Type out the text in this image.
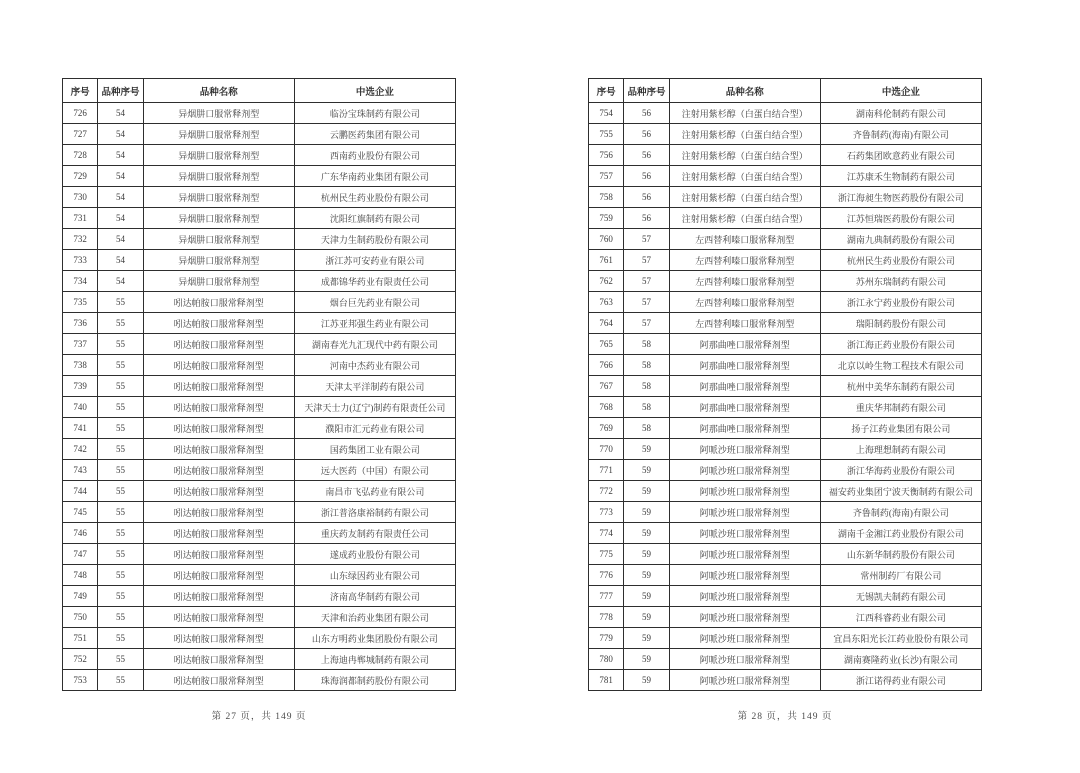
序号	品种序号	品种名称	中选企业
726	54	异烟肼口服常释剂型	临汾宝珠制药有限公司
727	54	异烟肼口服常释剂型	云鹏医药集团有限公司
728	54	异烟肼口服常释剂型	西南药业股份有限公司
729	54	异烟肼口服常释剂型	广东华南药业集团有限公司
730	54	异烟肼口服常释剂型	杭州民生药业股份有限公司
731	54	异烟肼口服常释剂型	沈阳红旗制药有限公司
732	54	异烟肼口服常释剂型	天津力生制药股份有限公司
733	54	异烟肼口服常释剂型	浙江苏可安药业有限公司
734	54	异烟肼口服常释剂型	成都锦华药业有限责任公司
735	55	吲达帕胺口服常释剂型	烟台巨先药业有限公司
736	55	吲达帕胺口服常释剂型	江苏亚邦强生药业有限公司
737	55	吲达帕胺口服常释剂型	湖南春光九汇现代中药有限公司
738	55	吲达帕胺口服常释剂型	河南中杰药业有限公司
739	55	吲达帕胺口服常释剂型	天津太平洋制药有限公司
740	55	吲达帕胺口服常释剂型	天津天士力(辽宁)制药有限责任公司
741	55	吲达帕胺口服常释剂型	濮阳市汇元药业有限公司
742	55	吲达帕胺口服常释剂型	国药集团工业有限公司
743	55	吲达帕胺口服常释剂型	远大医药（中国）有限公司
744	55	吲达帕胺口服常释剂型	南昌市飞弘药业有限公司
745	55	吲达帕胺口服常释剂型	浙江普洛康裕制药有限公司
746	55	吲达帕胺口服常释剂型	重庆药友制药有限责任公司
747	55	吲达帕胺口服常释剂型	遂成药业股份有限公司
748	55	吲达帕胺口服常释剂型	山东绿因药业有限公司
749	55	吲达帕胺口服常释剂型	济南高华制药有限公司
750	55	吲达帕胺口服常释剂型	天津和治药业集团有限公司
751	55	吲达帕胺口服常释剂型	山东方明药业集团股份有限公司
752	55	吲达帕胺口服常释剂型	上海迪冉郸城制药有限公司
753	55	吲达帕胺口服常释剂型	珠海润都制药股份有限公司
序号	品种序号	品种名称	中选企业
754	56	注射用紫杉醇（白蛋白结合型）	湖南科伦制药有限公司
755	56	注射用紫杉醇（白蛋白结合型）	齐鲁制药(海南)有限公司
756	56	注射用紫杉醇（白蛋白结合型）	石药集团欧意药业有限公司
757	56	注射用紫杉醇（白蛋白结合型）	江苏康禾生物制药有限公司
758	56	注射用紫杉醇（白蛋白结合型）	浙江海昶生物医药股份有限公司
759	56	注射用紫杉醇（白蛋白结合型）	江苏恒瑞医药股份有限公司
760	57	左西替利嗪口服常释剂型	湖南九典制药股份有限公司
761	57	左西替利嗪口服常释剂型	杭州民生药业股份有限公司
762	57	左西替利嗪口服常释剂型	苏州东瑞制药有限公司
763	57	左西替利嗪口服常释剂型	浙江永宁药业股份有限公司
764	57	左西替利嗪口服常释剂型	瑞阳制药股份有限公司
765	58	阿那曲唑口服常释剂型	浙江海正药业股份有限公司
766	58	阿那曲唑口服常释剂型	北京以岭生物工程技术有限公司
767	58	阿那曲唑口服常释剂型	杭州中美华东制药有限公司
768	58	阿那曲唑口服常释剂型	重庆华邦制药有限公司
769	58	阿那曲唑口服常释剂型	扬子江药业集团有限公司
770	59	阿哌沙班口服常释剂型	上海理想制药有限公司
771	59	阿哌沙班口服常释剂型	浙江华海药业股份有限公司
772	59	阿哌沙班口服常释剂型	福安药业集团宁波天衡制药有限公司
773	59	阿哌沙班口服常释剂型	齐鲁制药(海南)有限公司
774	59	阿哌沙班口服常释剂型	湖南千金湘江药业股份有限公司
775	59	阿哌沙班口服常释剂型	山东新华制药股份有限公司
776	59	阿哌沙班口服常释剂型	常州制药厂有限公司
777	59	阿哌沙班口服常释剂型	无锡凯夫制药有限公司
778	59	阿哌沙班口服常释剂型	江西科睿药业有限公司
779	59	阿哌沙班口服常释剂型	宜昌东阳光长江药业股份有限公司
780	59	阿哌沙班口服常释剂型	湖南赛隆药业(长沙)有限公司
781	59	阿哌沙班口服常释剂型	浙江诺得药业有限公司
第 27 页，共 149 页	第 28 页，共 149 页
